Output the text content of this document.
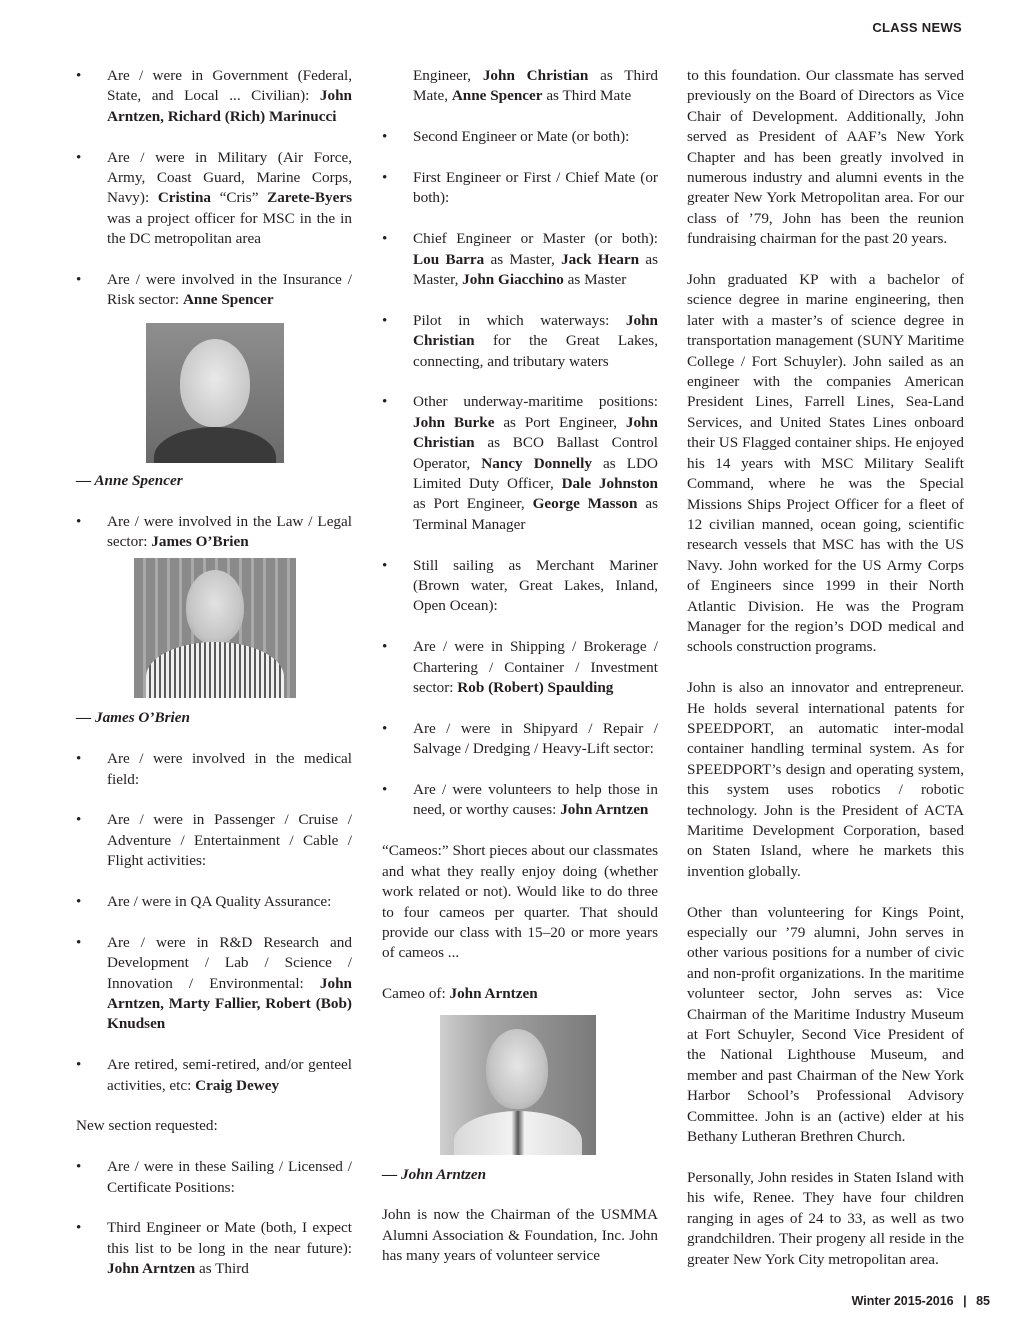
CLASS NEWS
• Are / were in Government (Federal, State, and Local ... Civilian): John Arntzen, Richard (Rich) Marinucci
• Are / were in Military (Air Force, Army, Coast Guard, Marine Corps, Navy): Cristina “Cris” Zarete-Byers was a project officer for MSC in the in the DC metropolitan area
• Are / were involved in the Insurance / Risk sector: Anne Spencer
— Anne Spencer
• Are / were involved in the Law / Legal sector: James O’Brien
— James O’Brien
• Are / were involved in the medical field:
• Are / were in Passenger / Cruise / Adventure / Entertainment / Cable / Flight activities:
• Are / were in QA Quality Assurance:
• Are / were in R&D Research and Development / Lab / Science / Innovation / Environmental: John Arntzen, Marty Fallier, Robert (Bob) Knudsen
• Are retired, semi-retired, and/or genteel activities, etc: Craig Dewey

New section requested:

• Are / were in these Sailing / Licensed / Certificate Positions:
• Third Engineer or Mate (both, I expect this list to be long in the near future): John Arntzen as Third

Engineer, John Christian as Third Mate, Anne Spencer as Third Mate

• Second Engineer or Mate (or both):
• First Engineer or First / Chief Mate (or both):
• Chief Engineer or Master (or both): Lou Barra as Master, Jack Hearn as Master, John Giacchino as Master
• Pilot in which waterways: John Christian for the Great Lakes, connecting, and tributary waters
• Other underway-maritime positions: John Burke as Port Engineer, John Christian as BCO Ballast Control Operator, Nancy Donnelly as LDO Limited Duty Officer, Dale Johnston as Port Engineer, George Masson as Terminal Manager
• Still sailing as Merchant Mariner (Brown water, Great Lakes, Inland, Open Ocean):
• Are / were in Shipping / Brokerage / Chartering / Container / Investment sector: Rob (Robert) Spaulding
• Are / were in Shipyard / Repair / Salvage / Dredging / Heavy-Lift sector:
• Are / were volunteers to help those in need, or worthy causes: John Arntzen

“Cameos:” Short pieces about our classmates and what they really enjoy doing (whether work related or not). Would like to do three to four cameos per quarter. That should provide our class with 15–20 or more years of cameos ...

Cameo of: John Arntzen

— John Arntzen

John is now the Chairman of the USMMA Alumni Association & Foundation, Inc. John has many years of volunteer service

to this foundation. Our classmate has served previously on the Board of Directors as Vice Chair of Development. Additionally, John served as President of AAF’s New York Chapter and has been greatly involved in numerous industry and alumni events in the greater New York Metropolitan area. For our class of ’79, John has been the reunion fundraising chairman for the past 20 years.

John graduated KP with a bachelor of science degree in marine engineering, then later with a master’s of science degree in transportation management (SUNY Maritime College / Fort Schuyler). John sailed as an engineer with the companies American President Lines, Farrell Lines, Sea-Land Services, and United States Lines onboard their US Flagged container ships. He enjoyed his 14 years with MSC Military Sealift Command, where he was the Special Missions Ships Project Officer for a fleet of 12 civilian manned, ocean going, scientific research vessels that MSC has with the US Navy. John worked for the US Army Corps of Engineers since 1999 in their North Atlantic Division. He was the Program Manager for the region’s DOD medical and schools construction programs.

John is also an innovator and entrepreneur. He holds several international patents for SPEEDPORT, an automatic inter-modal container handling terminal system. As for SPEEDPORT’s design and operating system, this system uses robotics / robotic technology. John is the President of ACTA Maritime Development Corporation, based on Staten Island, where he markets this invention globally.

Other than volunteering for Kings Point, especially our ’79 alumni, John serves in other various positions for a number of civic and non-profit organizations. In the maritime volunteer sector, John serves as: Vice Chairman of the Maritime Industry Museum at Fort Schuyler, Second Vice President of the National Lighthouse Museum, and member and past Chairman of the New York Harbor School’s Professional Advisory Committee. John is an (active) elder at his Bethany Lutheran Brethren Church.

Personally, John resides in Staten Island with his wife, Renee. They have four children ranging in ages of 24 to 33, as well as two grandchildren. Their progeny all reside in the greater New York City metropolitan area.

Winter 2015-2016 | 85
